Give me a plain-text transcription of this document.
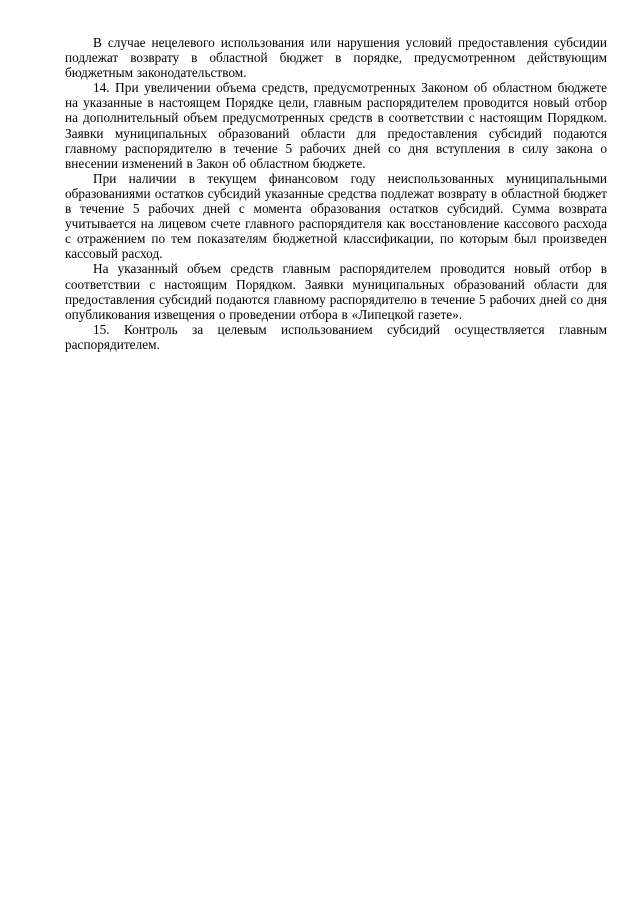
В случае нецелевого использования или нарушения условий предоставления субсидии подлежат возврату в областной бюджет в порядке, предусмотренном действующим бюджетным законодательством.

14. При увеличении объема средств, предусмотренных Законом об областном бюджете на указанные в настоящем Порядке цели, главным распорядителем проводится новый отбор на дополнительный объем предусмотренных средств в соответствии с настоящим Порядком. Заявки муниципальных образований области для предоставления субсидий подаются главному распорядителю в течение 5 рабочих дней со дня вступления в силу закона о внесении изменений в Закон об областном бюджете.

При наличии в текущем финансовом году неиспользованных муниципальными образованиями остатков субсидий указанные средства подлежат возврату в областной бюджет в течение 5 рабочих дней с момента образования остатков субсидий. Сумма возврата учитывается на лицевом счете главного распорядителя как восстановление кассового расхода с отражением по тем показателям бюджетной классификации, по которым был произведен кассовый расход.

На указанный объем средств главным распорядителем проводится новый отбор в соответствии с настоящим Порядком. Заявки муниципальных образований области для предоставления субсидий подаются главному распорядителю в течение 5 рабочих дней со дня опубликования извещения о проведении отбора в «Липецкой газете».

15. Контроль за целевым использованием субсидий осуществляется главным распорядителем.
